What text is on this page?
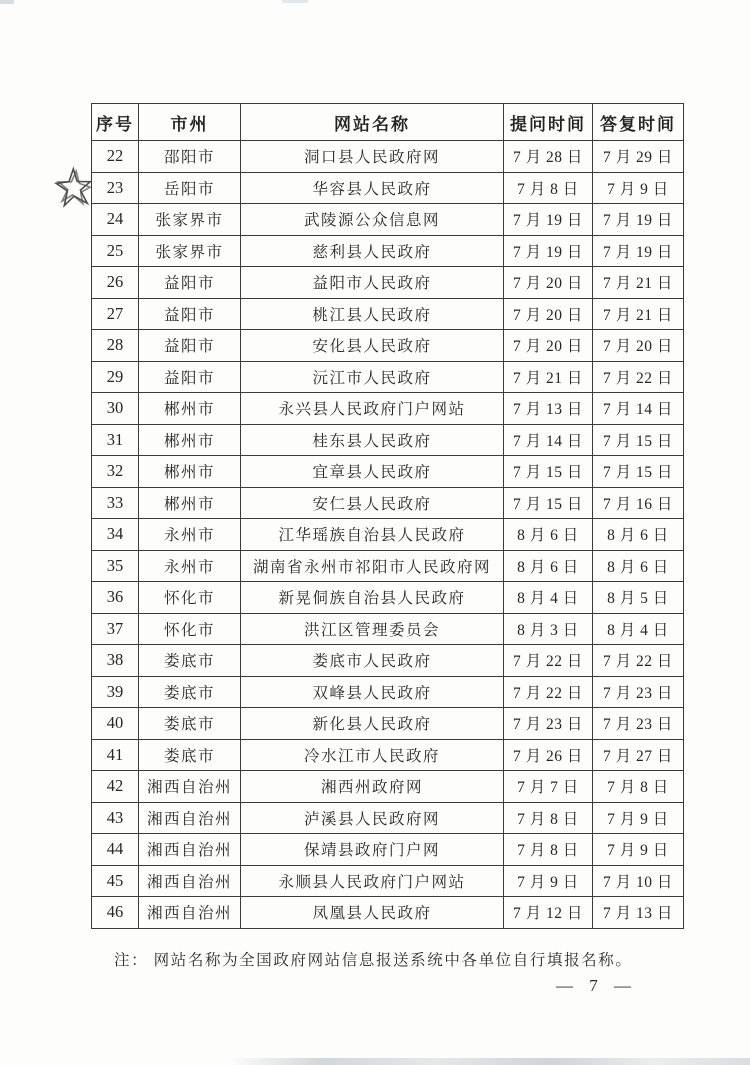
序号	市州	网站名称	提问时间	答复时间
22	邵阳市	洞口县人民政府网	7 月 28 日	7 月 29 日
23	岳阳市	华容县人民政府	7 月 8 日	7 月 9 日
24	张家界市	武陵源公众信息网	7 月 19 日	7 月 19 日
25	张家界市	慈利县人民政府	7 月 19 日	7 月 19 日
26	益阳市	益阳市人民政府	7 月 20 日	7 月 21 日
27	益阳市	桃江县人民政府	7 月 20 日	7 月 21 日
28	益阳市	安化县人民政府	7 月 20 日	7 月 20 日
29	益阳市	沅江市人民政府	7 月 21 日	7 月 22 日
30	郴州市	永兴县人民政府门户网站	7 月 13 日	7 月 14 日
31	郴州市	桂东县人民政府	7 月 14 日	7 月 15 日
32	郴州市	宜章县人民政府	7 月 15 日	7 月 15 日
33	郴州市	安仁县人民政府	7 月 15 日	7 月 16 日
34	永州市	江华瑶族自治县人民政府	8 月 6 日	8 月 6 日
35	永州市	湖南省永州市祁阳市人民政府网	8 月 6 日	8 月 6 日
36	怀化市	新晃侗族自治县人民政府	8 月 4 日	8 月 5 日
37	怀化市	洪江区管理委员会	8 月 3 日	8 月 4 日
38	娄底市	娄底市人民政府	7 月 22 日	7 月 22 日
39	娄底市	双峰县人民政府	7 月 22 日	7 月 23 日
40	娄底市	新化县人民政府	7 月 23 日	7 月 23 日
41	娄底市	冷水江市人民政府	7 月 26 日	7 月 27 日
42	湘西自治州	湘西州政府网	7 月 7 日	7 月 8 日
43	湘西自治州	泸溪县人民政府网	7 月 8 日	7 月 9 日
44	湘西自治州	保靖县政府门户网	7 月 8 日	7 月 9 日
45	湘西自治州	永顺县人民政府门户网站	7 月 9 日	7 月 10 日
46	湘西自治州	凤凰县人民政府	7 月 12 日	7 月 13 日
注： 网站名称为全国政府网站信息报送系统中各单位自行填报名称。
— 7 —
